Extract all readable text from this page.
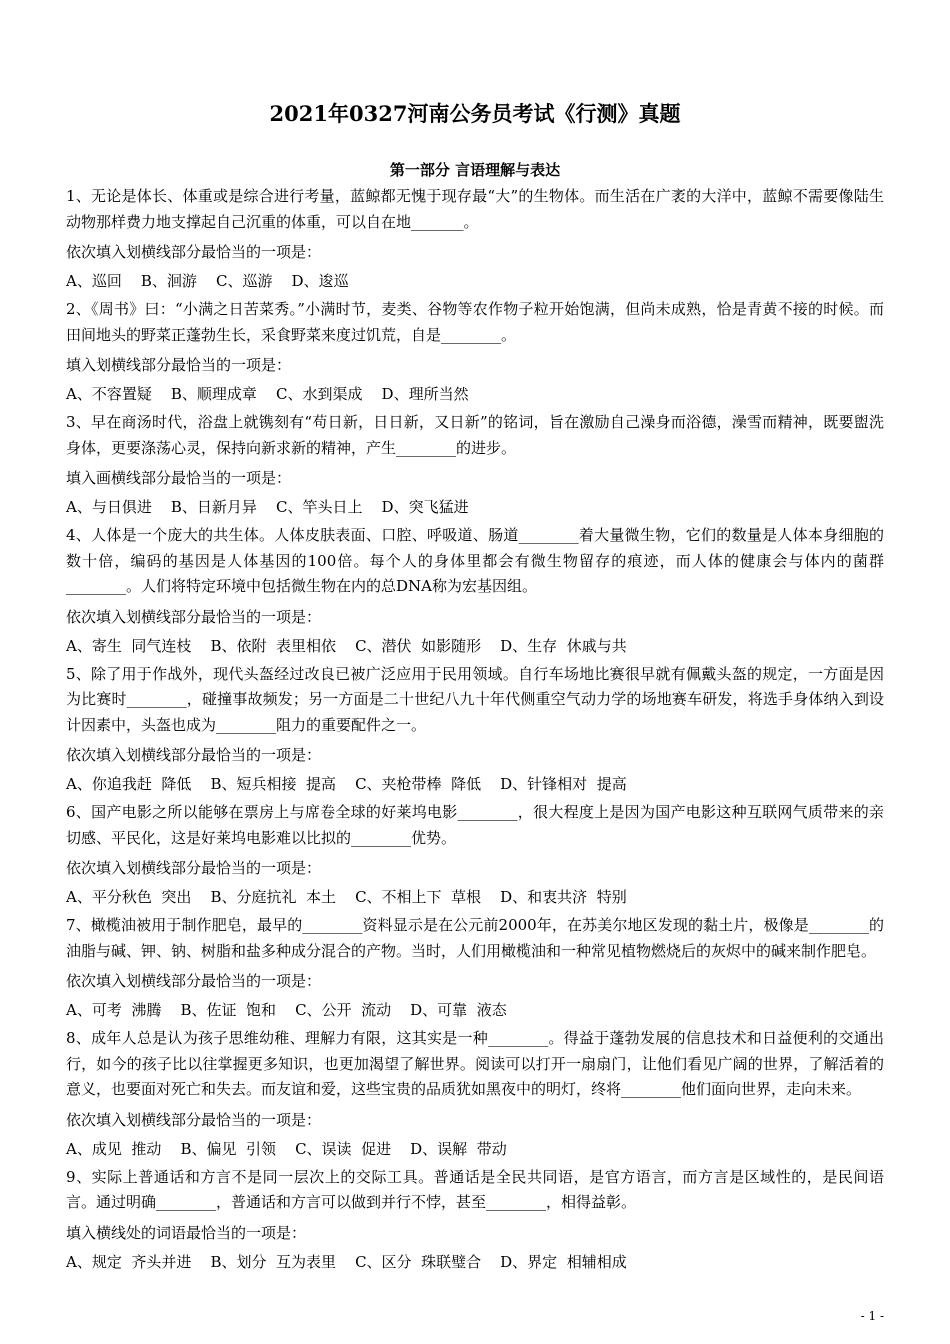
2021年0327河南公务员考试《行测》真题
第一部分 言语理解与表达
1、无论是体长、体重或是综合进行考量，蓝鲸都无愧于现存最“大”的生物体。而生活在广袤的大洋中，蓝鲸不需要像陆生动物那样费力地支撑起自己沉重的体重，可以自在地_______。
依次填入划横线部分最恰当的一项是：
A、巡回    B、洄游    C、巡游    D、逡巡
2、《周书》曰：“小满之日苦菜秀。”小满时节，麦类、谷物等农作物子粒开始饱满，但尚未成熟，恰是青黄不接的时候。而田间地头的野菜正蓬勃生长，采食野菜来度过饥荒，自是________。
填入划横线部分最恰当的一项是：
A、不容置疑    B、顺理成章    C、水到渠成    D、理所当然
3、早在商汤时代，浴盘上就镌刻有“苟日新，日日新，又日新”的铭词，旨在激励自己澡身而浴德，澡雪而精神，既要盥洗身体，更要涤荡心灵，保持向新求新的精神，产生________的进步。
填入画横线部分最恰当的一项是：
A、与日俱进    B、日新月异    C、竿头日上    D、突飞猛进
4、人体是一个庞大的共生体。人体皮肤表面、口腔、呼吸道、肠道________着大量微生物，它们的数量是人体本身细胞的数十倍，编码的基因是人体基因的100倍。每个人的身体里都会有微生物留存的痕迹，而人体的健康会与体内的菌群________。人们将特定环境中包括微生物在内的总DNA称为宏基因组。
依次填入划横线部分最恰当的一项是：
A、寄生  同气连枝    B、依附  表里相依    C、潜伏  如影随形    D、生存  休戚与共
5、除了用于作战外，现代头盔经过改良已被广泛应用于民用领域。自行车场地比赛很早就有佩戴头盔的规定，一方面是因为比赛时________，碰撞事故频发；另一方面是二十世纪八九十年代侧重空气动力学的场地赛车研发，将选手身体纳入到设计因素中，头盔也成为________阻力的重要配件之一。
依次填入划横线部分最恰当的一项是：
A、你追我赶  降低    B、短兵相接  提高    C、夹枪带棒  降低    D、针锋相对  提高
6、国产电影之所以能够在票房上与席卷全球的好莱坞电影________，很大程度上是因为国产电影这种互联网气质带来的亲切感、平民化，这是好莱坞电影难以比拟的________优势。
依次填入划横线部分最恰当的一项是：
A、平分秋色  突出    B、分庭抗礼  本土    C、不相上下  草根    D、和衷共济  特别
7、橄榄油被用于制作肥皂，最早的________资料显示是在公元前2000年，在苏美尔地区发现的黏土片，极像是________的油脂与碱、钾、钠、树脂和盐多种成分混合的产物。当时，人们用橄榄油和一种常见植物燃烧后的灰烬中的碱来制作肥皂。
依次填入划横线部分最恰当的一项是：
A、可考  沸腾    B、佐证  饱和    C、公开  流动    D、可靠  液态
8、成年人总是认为孩子思维幼稚、理解力有限，这其实是一种________。得益于蓬勃发展的信息技术和日益便利的交通出行，如今的孩子比以往掌握更多知识，也更加渴望了解世界。阅读可以打开一扇扇门，让他们看见广阔的世界，了解活着的意义，也要面对死亡和失去。而友谊和爱，这些宝贵的品质犹如黑夜中的明灯，终将________他们面向世界，走向未来。
依次填入划横线部分最恰当的一项是：
A、成见  推动    B、偏见  引领    C、误读  促进    D、误解  带动
9、实际上普通话和方言不是同一层次上的交际工具。普通话是全民共同语，是官方语言，而方言是区域性的，是民间语言。通过明确________，普通话和方言可以做到并行不悖，甚至________，相得益彰。
填入横线处的词语最恰当的一项是：
A、规定  齐头并进    B、划分  互为表里    C、区分  珠联璧合    D、界定  相辅相成
- 1 -
